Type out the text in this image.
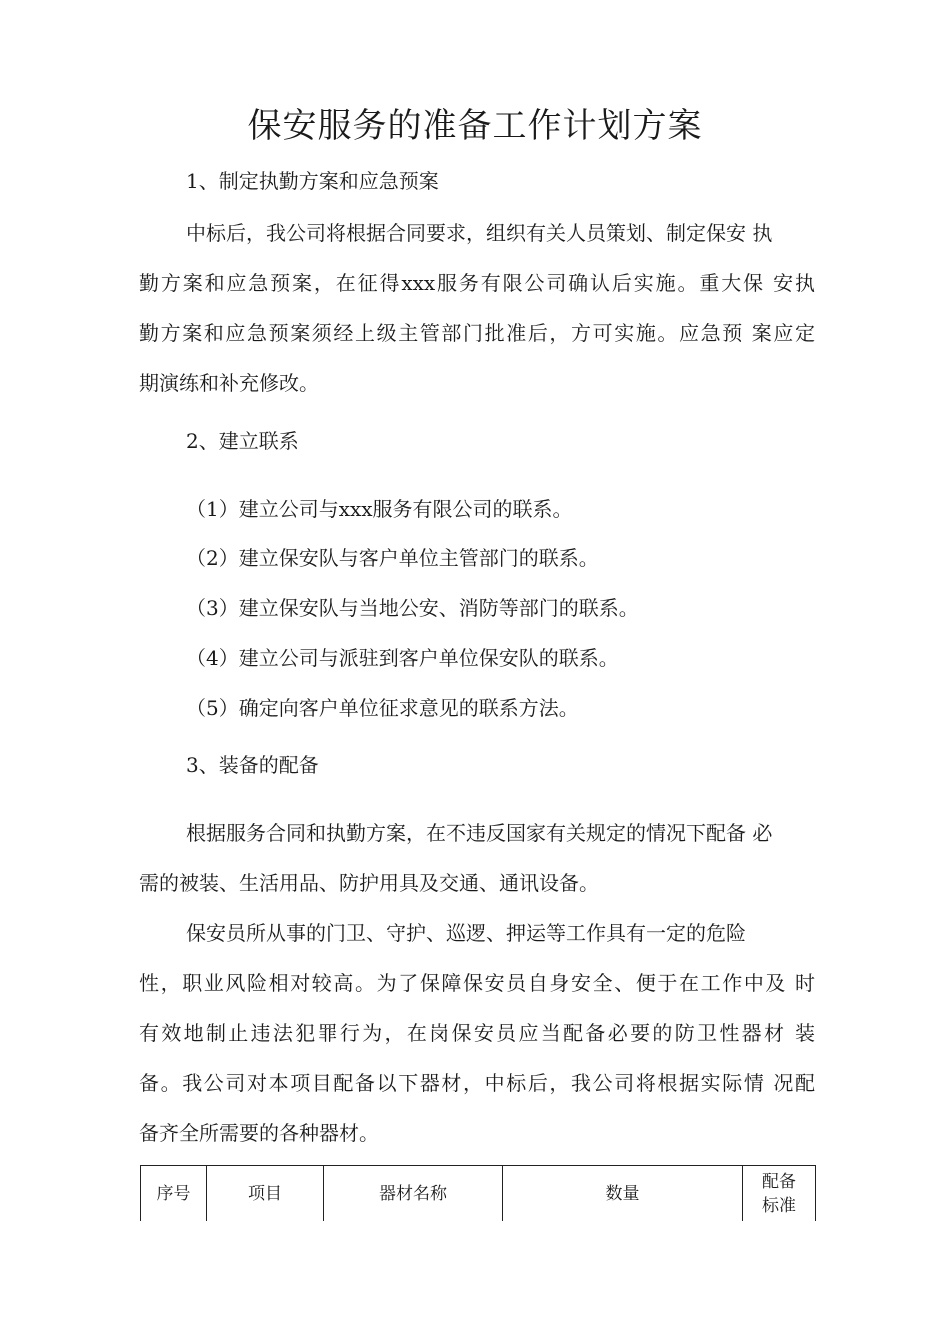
保安服务的准备工作计划方案
1、制定执勤方案和应急预案
中标后，我公司将根据合同要求，组织有关人员策划、制定保安 执
勤方案和应急预案，在征得xxx服务有限公司确认后实施。重大保 安执
勤方案和应急预案须经上级主管部门批准后，方可实施。应急预 案应定
期演练和补充修改。
2、建立联系
（1）建立公司与xxx服务有限公司的联系。
（2）建立保安队与客户单位主管部门的联系。
（3）建立保安队与当地公安、消防等部门的联系。
（4）建立公司与派驻到客户单位保安队的联系。
（5）确定向客户单位征求意见的联系方法。
3、装备的配备
根据服务合同和执勤方案，在不违反国家有关规定的情况下配备 必
需的被装、生活用品、防护用具及交通、通讯设备。
保安员所从事的门卫、守护、巡逻、押运等工作具有一定的危险
性，职业风险相对较高。为了保障保安员自身安全、便于在工作中及 时
有效地制止违法犯罪行为，在岗保安员应当配备必要的防卫性器材 装
备。我公司对本项目配备以下器材，中标后，我公司将根据实际情 况配
备齐全所需要的各种器材。
序号	项目	器材名称	数量	配备
标准
